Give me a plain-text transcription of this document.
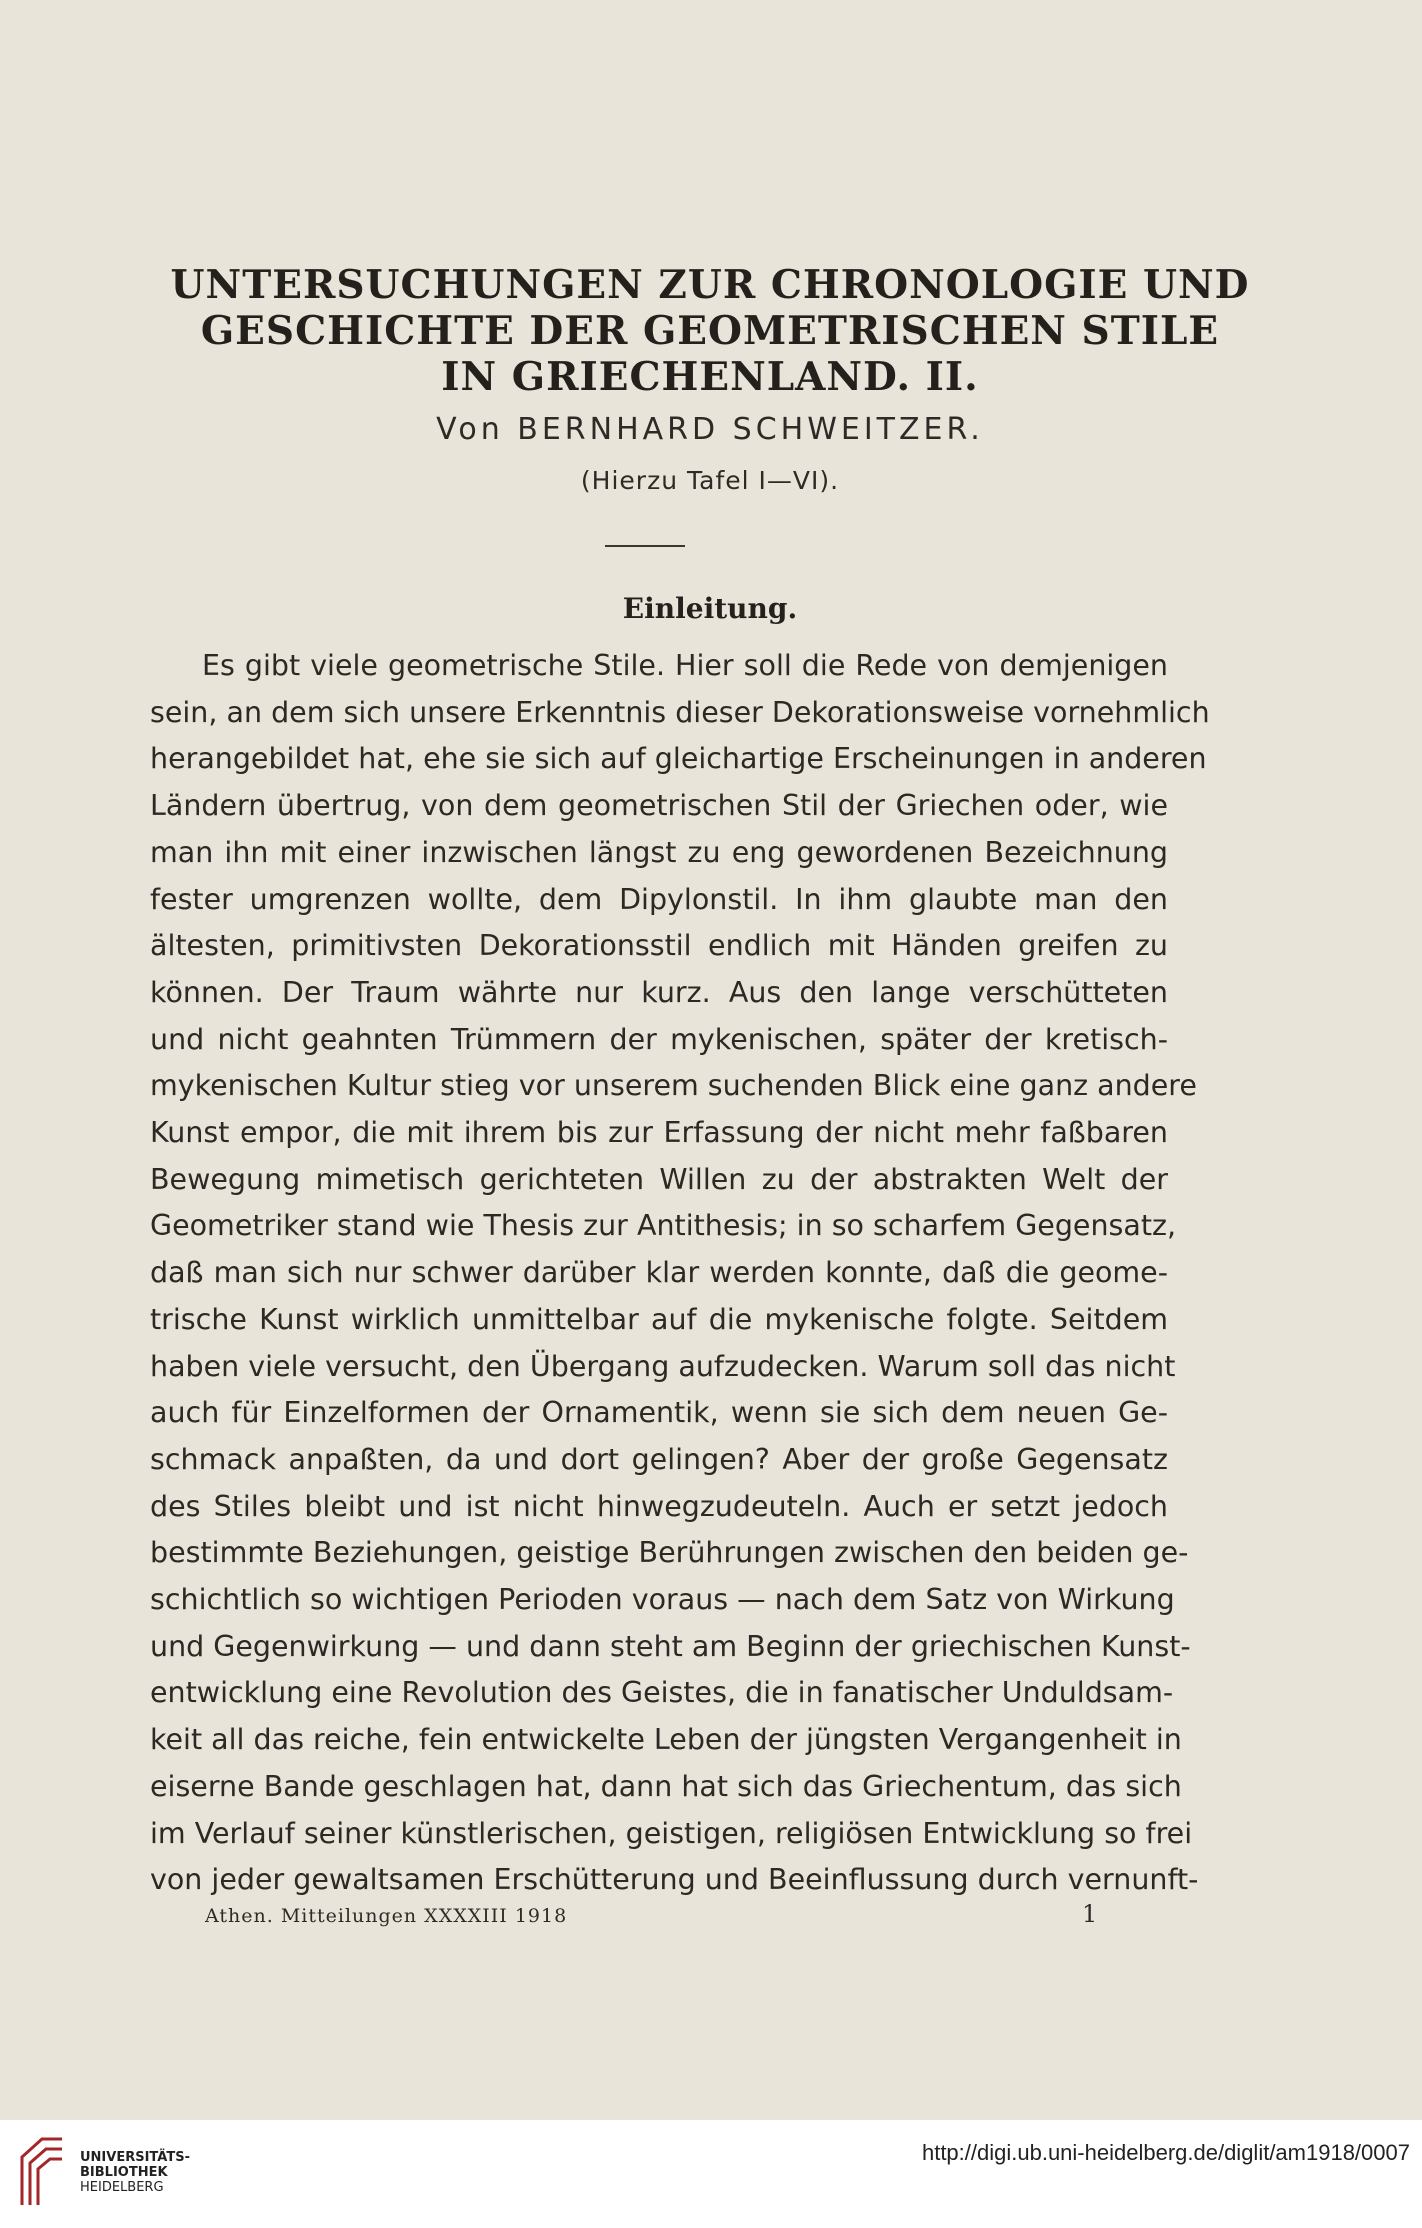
UNTERSUCHUNGEN ZUR CHRONOLOGIE UND
GESCHICHTE DER GEOMETRISCHEN STILE
IN GRIECHENLAND. II.
Von BERNHARD SCHWEITZER.
(Hierzu Tafel I—VI).
Einleitung.
Es gibt viele geometrische Stile. Hier soll die Rede von demjenigen
sein, an dem sich unsere Erkenntnis dieser Dekorationsweise vornehmlich
herangebildet hat, ehe sie sich auf gleichartige Erscheinungen in anderen
Ländern übertrug, von dem geometrischen Stil der Griechen oder, wie
man ihn mit einer inzwischen längst zu eng gewordenen Bezeichnung
fester umgrenzen wollte, dem Dipylonstil. In ihm glaubte man den
ältesten, primitivsten Dekorationsstil endlich mit Händen greifen zu
können. Der Traum währte nur kurz. Aus den lange verschütteten
und nicht geahnten Trümmern der mykenischen, später der kretisch-
mykenischen Kultur stieg vor unserem suchenden Blick eine ganz andere
Kunst empor, die mit ihrem bis zur Erfassung der nicht mehr faßbaren
Bewegung mimetisch gerichteten Willen zu der abstrakten Welt der
Geometriker stand wie Thesis zur Antithesis; in so scharfem Gegensatz,
daß man sich nur schwer darüber klar werden konnte, daß die geome-
trische Kunst wirklich unmittelbar auf die mykenische folgte. Seitdem
haben viele versucht, den Übergang aufzudecken. Warum soll das nicht
auch für Einzelformen der Ornamentik, wenn sie sich dem neuen Ge-
schmack anpaßten, da und dort gelingen? Aber der große Gegensatz
des Stiles bleibt und ist nicht hinwegzudeuteln. Auch er setzt jedoch
bestimmte Beziehungen, geistige Berührungen zwischen den beiden ge-
schichtlich so wichtigen Perioden voraus — nach dem Satz von Wirkung
und Gegenwirkung — und dann steht am Beginn der griechischen Kunst-
entwicklung eine Revolution des Geistes, die in fanatischer Unduldsam-
keit all das reiche, fein entwickelte Leben der jüngsten Vergangenheit in
eiserne Bande geschlagen hat, dann hat sich das Griechentum, das sich
im Verlauf seiner künstlerischen, geistigen, religiösen Entwicklung so frei
von jeder gewaltsamen Erschütterung und Beeinflussung durch vernunft-
Athen. Mitteilungen XXXXIII 1918	1
UNIVERSITÄTS-
BIBLIOTHEK
HEIDELBERG
http://digi.ub.uni-heidelberg.de/diglit/am1918/0007
